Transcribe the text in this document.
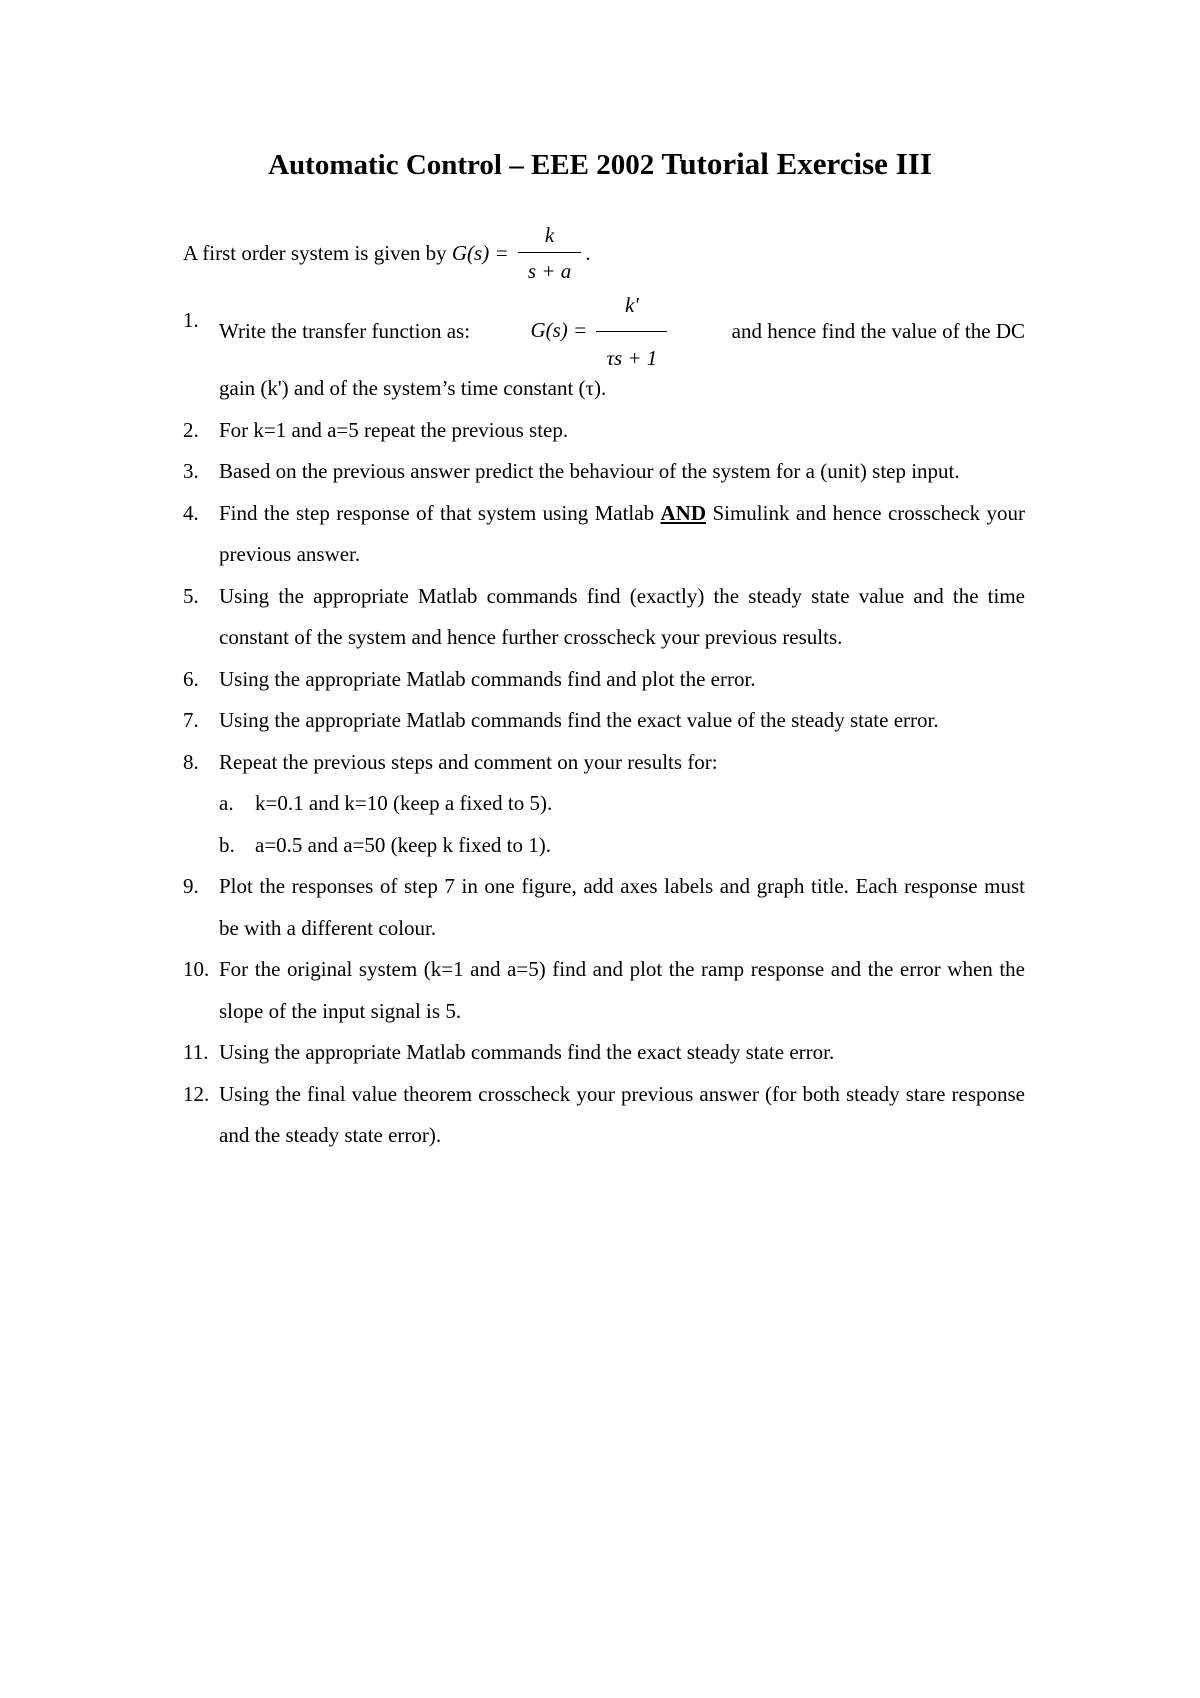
Automatic Control – EEE 2002 Tutorial Exercise III
A first order system is given by $G(s) = \frac{k}{s + a}$ .
1. Write the transfer function as:	$G(s) = \frac{k'}{\tau s + 1}$	and hence find the value of the DC
gain (k') and of the system’s time constant (τ).
2. For k=1 and a=5 repeat the previous step.
3. Based on the previous answer predict the behaviour of the system for a (unit) step input.
4. Find the step response of that system using Matlab AND Simulink and hence crosscheck your previous answer.
5. Using the appropriate Matlab commands find (exactly) the steady state value and the time constant of the system and hence further crosscheck your previous results.
6. Using the appropriate Matlab commands find and plot the error.
7. Using the appropriate Matlab commands find the exact value of the steady state error.
8. Repeat the previous steps and comment on your results for:
a. k=0.1 and k=10 (keep a fixed to 5).
b. a=0.5 and a=50 (keep k fixed to 1).
9. Plot the responses of step 7 in one figure, add axes labels and graph title. Each response must be with a different colour.
10. For the original system (k=1 and a=5) find and plot the ramp response and the error when the slope of the input signal is 5.
11. Using the appropriate Matlab commands find the exact steady state error.
12. Using the final value theorem crosscheck your previous answer (for both steady stare response and the steady state error).
